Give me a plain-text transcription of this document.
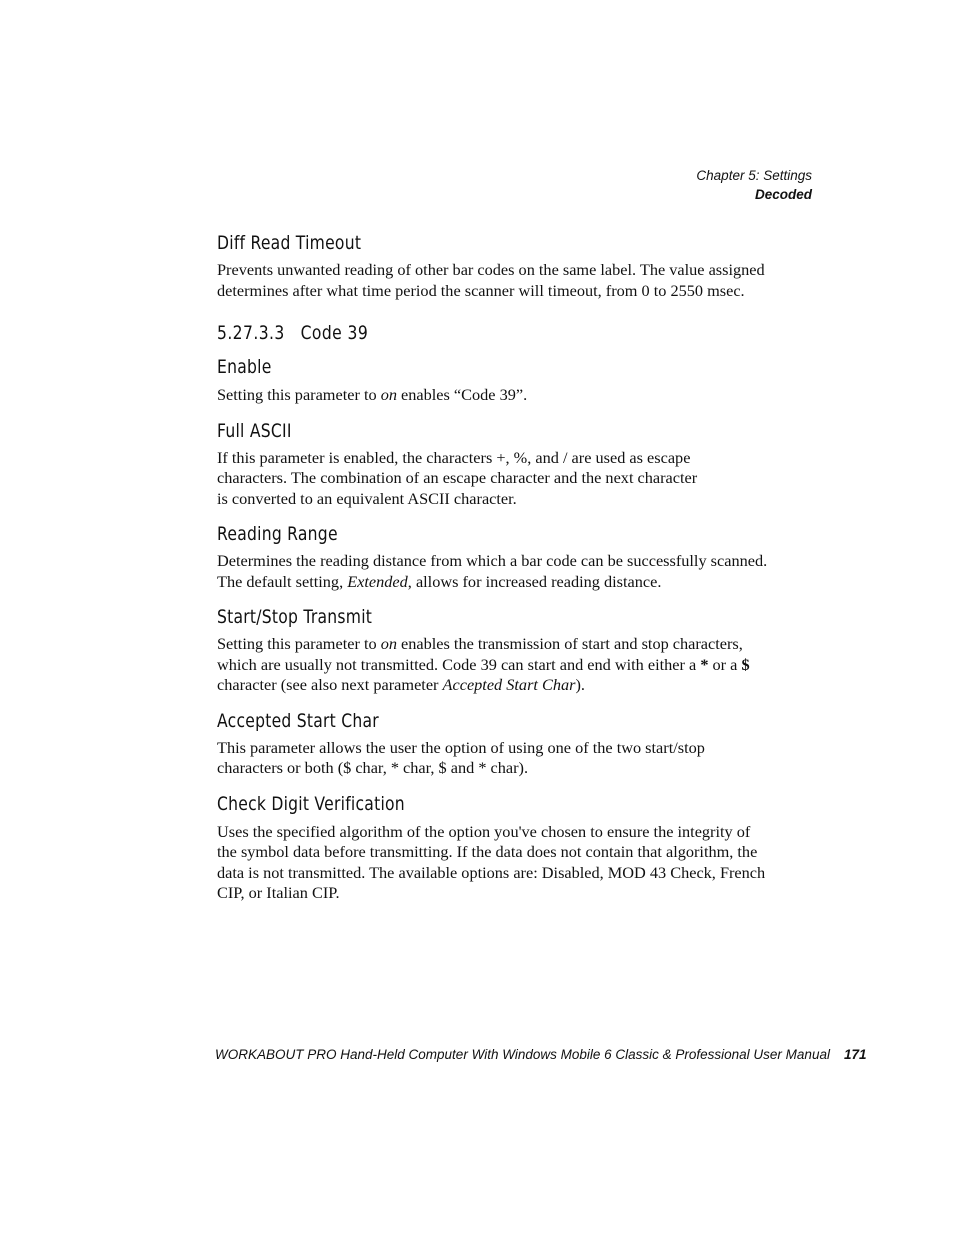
Chapter 5: Settings
Decoded
Diff Read Timeout

Prevents unwanted reading of other bar codes on the same label. The value assigned
determines after what time period the scanner will timeout, from 0 to 2550 msec.

5.27.3.3 Code 39
Enable

Setting this parameter to on enables “Code 39”.

Full ASCII

If this parameter is enabled, the characters +, %, and / are used as escape
characters. The combination of an escape character and the next character
is converted to an equivalent ASCII character.

Reading Range

Determines the reading distance from which a bar code can be successfully scanned.
The default setting, Extended, allows for increased reading distance.

Start/Stop Transmit

Setting this parameter to on enables the transmission of start and stop characters,
which are usually not transmitted. Code 39 can start and end with either a * or a $
character (see also next parameter Accepted Start Char).

Accepted Start Char

This parameter allows the user the option of using one of the two start/stop
characters or both ($ char, * char, $ and * char).

Check Digit Verification

Uses the specified algorithm of the option you've chosen to ensure the integrity of
the symbol data before transmitting. If the data does not contain that algorithm, the
data is not transmitted. The available options are: Disabled, MOD 43 Check, French
CIP, or Italian CIP.

WORKABOUT PRO Hand-Held Computer With Windows Mobile 6 Classic & Professional User Manual 171
